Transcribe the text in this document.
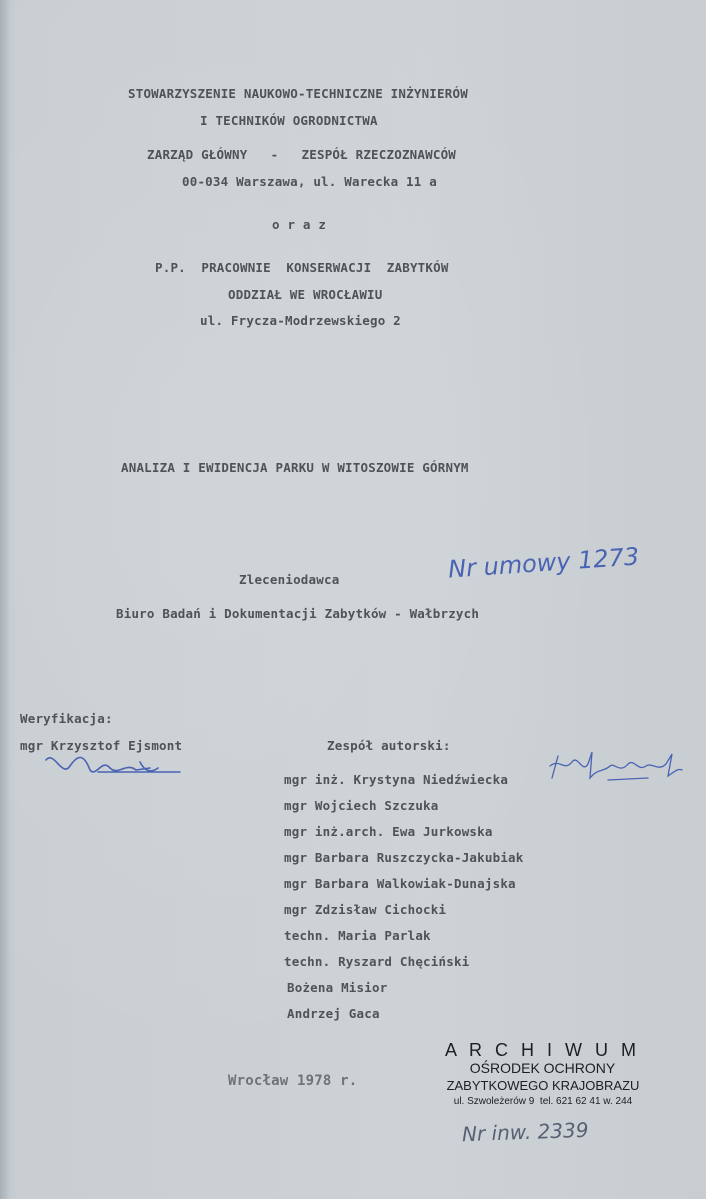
STOWARZYSZENIE NAUKOWO-TECHNICZNE INŻYNIERÓW
I TECHNIKÓW OGRODNICTWA
ZARZĄD GŁÓWNY   -   ZESPÓŁ RZECZOZNAWCÓW
00-034 Warszawa, ul. Warecka 11 a
o r a z
P.P.  PRACOWNIE  KONSERWACJI  ZABYTKÓW
ODDZIAŁ WE WROCŁAWIU
ul. Frycza-Modrzewskiego 2
ANALIZA I EWIDENCJA PARKU W WITOSZOWIE GÓRNYM
Nr umowy 1273
Zleceniodawca
Biuro Badań i Dokumentacji Zabytków - Wałbrzych
Weryfikacja:
mgr Krzysztof Ejsmont	Zespół autorski:
mgr inż. Krystyna Niedźwiecka
mgr Wojciech Szczuka
mgr inż.arch. Ewa Jurkowska
mgr Barbara Ruszczycka-Jakubiak
mgr Barbara Walkowiak-Dunajska
mgr Zdzisław Cichocki
techn. Maria Parlak
techn. Ryszard Chęciński
Bożena Misior
Andrzej Gaca
Wrocław 1978 r.
A R C H I W U M
OŚRODEK OCHRONY
ZABYTKOWEGO KRAJOBRAZU
ul. Szwoleżerów 9  tel. 621 62 41 w. 244
Nr inw. 2339
